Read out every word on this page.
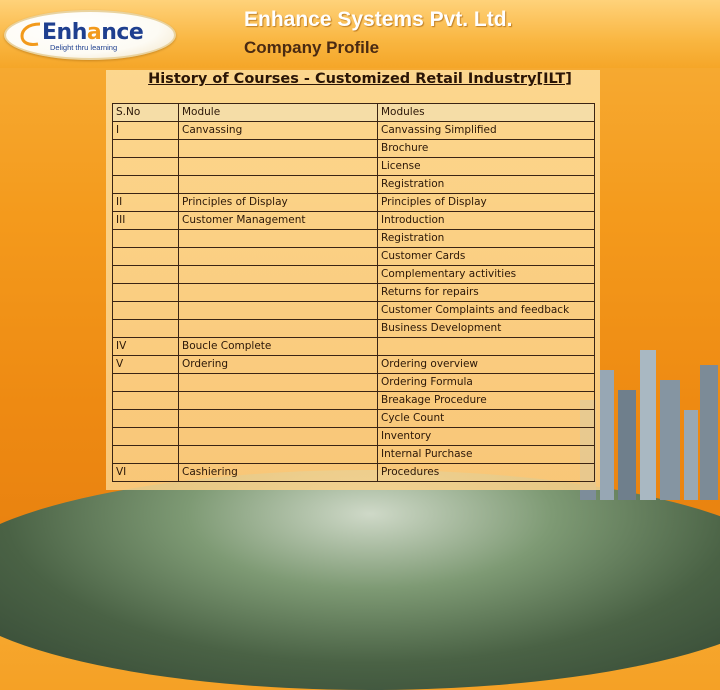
Enhance
Delight thru learning
Enhance Systems Pvt. Ltd.
Company Profile
History of Courses - Customized Retail Industry[ILT]
S.No	Module	Modules
I	Canvassing	Canvassing Simplified
		Brochure
		License
		Registration
II	Principles of Display	Principles of Display
III	Customer Management	Introduction
		Registration
		Customer Cards
		Complementary activities
		Returns for repairs
		Customer Complaints and feedback
		Business Development
IV	Boucle Complete	
V	Ordering	Ordering overview
		Ordering Formula
		Breakage Procedure
		Cycle Count
		Inventory
		Internal Purchase
VI	Cashiering	Procedures
